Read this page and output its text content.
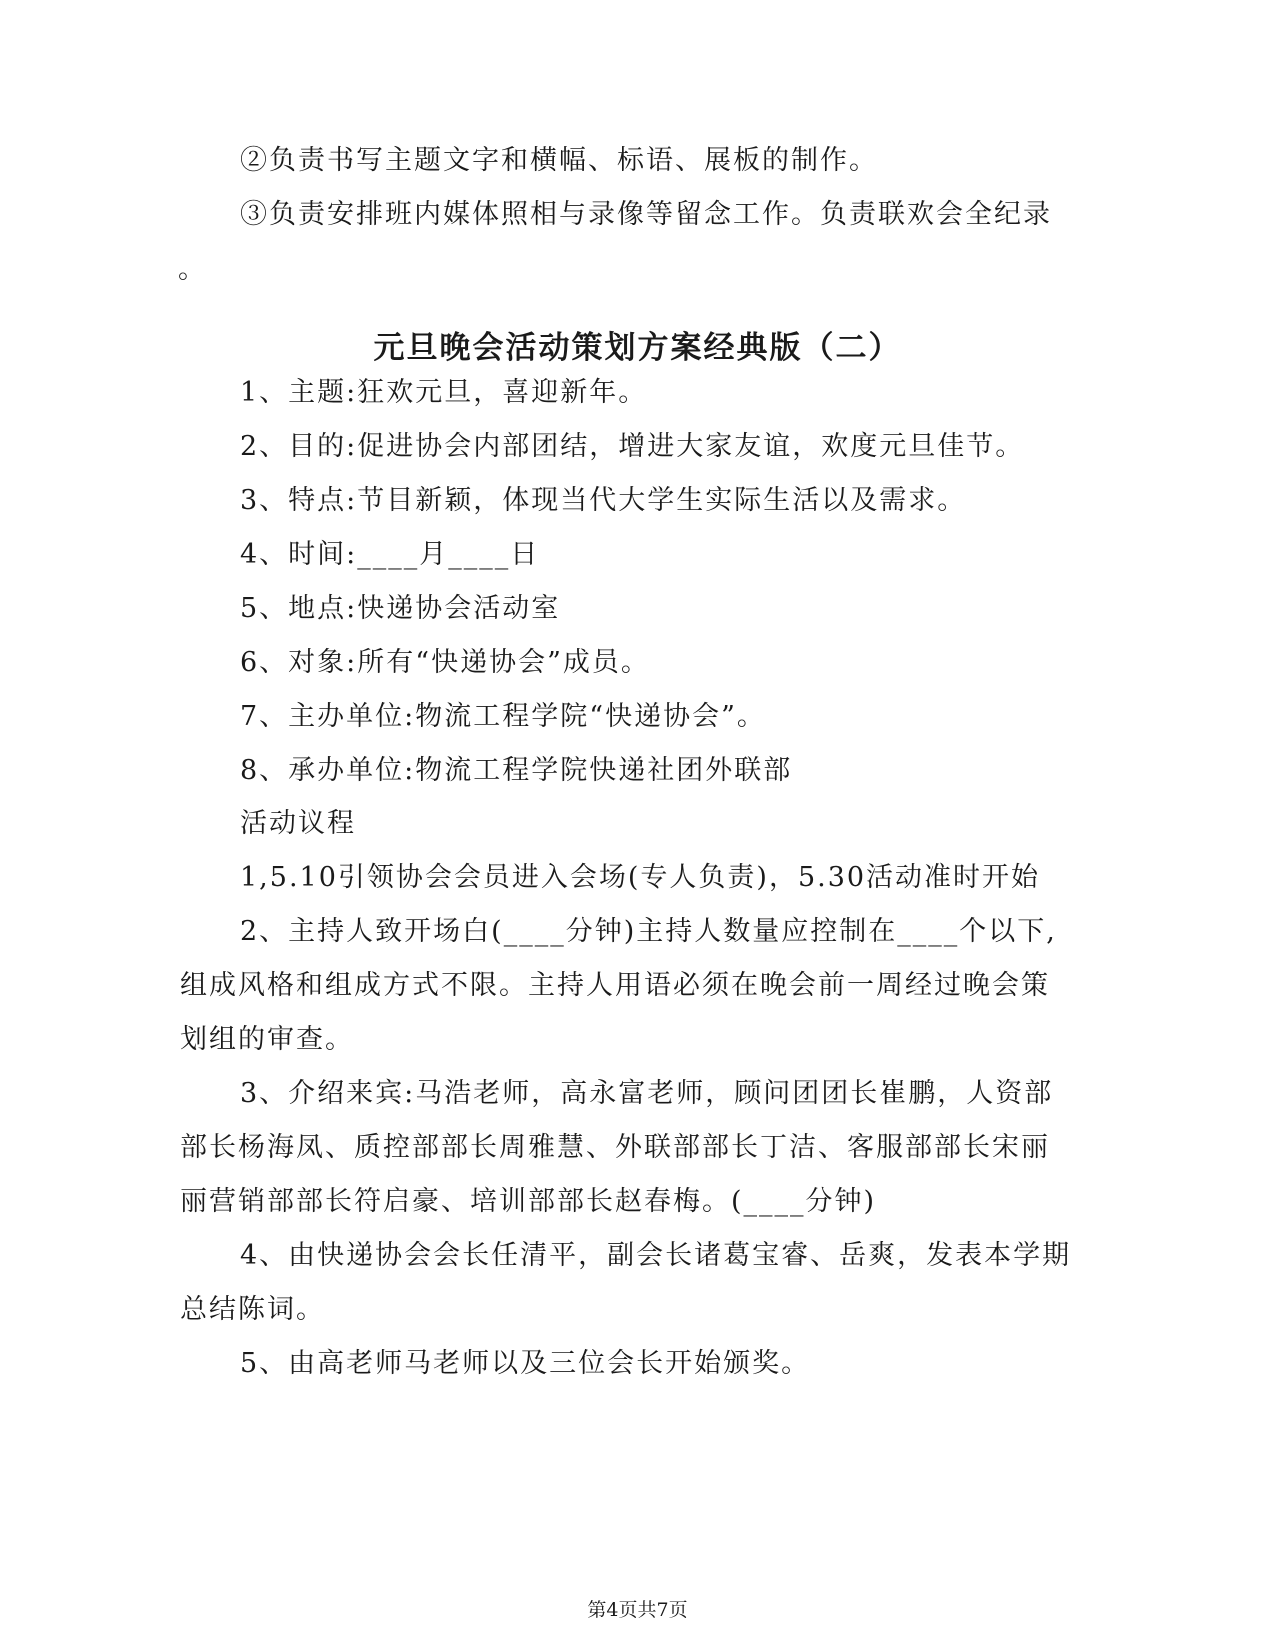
②负责书写主题文字和横幅、标语、展板的制作。

③负责安排班内媒体照相与录像等留念工作。负责联欢会全纪录

。

元旦晚会活动策划方案经典版（二）

1、主题:狂欢元旦，喜迎新年。

2、目的:促进协会内部团结，增进大家友谊，欢度元旦佳节。

3、特点:节目新颖，体现当代大学生实际生活以及需求。

4、时间:____月____日

5、地点:快递协会活动室

6、对象:所有“快递协会”成员。

7、主办单位:物流工程学院“快递协会”。

8、承办单位:物流工程学院快递社团外联部

活动议程

1,5.10引领协会会员进入会场(专人负责)，5.30活动准时开始

2、主持人致开场白(____分钟)主持人数量应控制在____个以下,

组成风格和组成方式不限。主持人用语必须在晚会前一周经过晚会策

划组的审查。

3、介绍来宾:马浩老师，高永富老师，顾问团团长崔鹏，人资部

部长杨海凤、质控部部长周雅慧、外联部部长丁洁、客服部部长宋丽

丽营销部部长符启豪、培训部部长赵春梅。(____分钟)

4、由快递协会会长任清平，副会长诸葛宝睿、岳爽，发表本学期

总结陈词。

5、由高老师马老师以及三位会长开始颁奖。

第4页共7页
